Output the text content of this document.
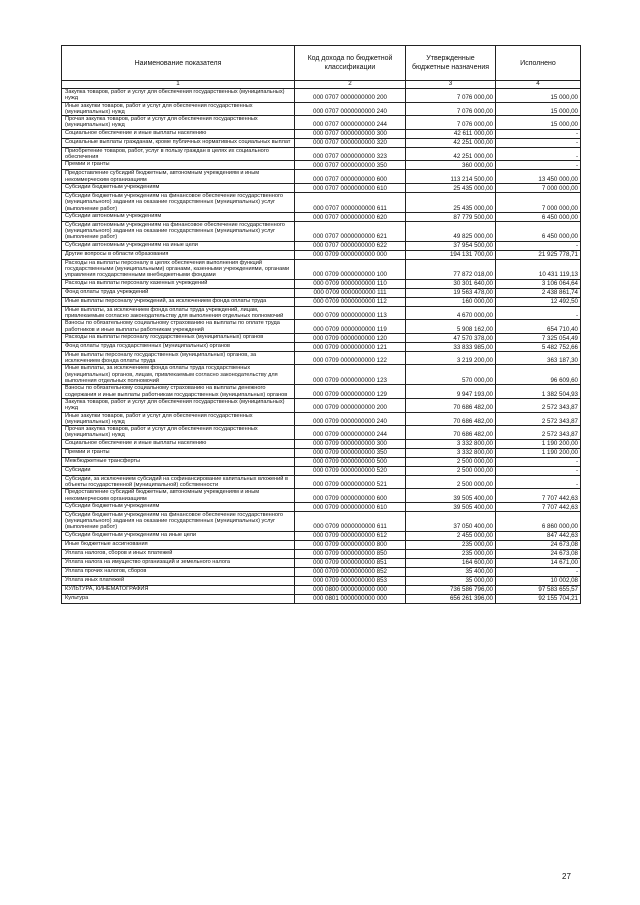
Наименование показателя	Код дохода по бюджетной классификации	Утвержденные бюджетные назначения	Исполнено
1	2	3	4
Закупка товаров, работ и услуг для обеспечения государственных (муниципальных) нужд	000 0707 0000000000 200	7 076 000,00	15 000,00
Иные закупки товаров, работ и услуг для обеспечения государственных (муниципальных) нужд	000 0707 0000000000 240	7 076 000,00	15 000,00
Прочая закупка товаров, работ и услуг для обеспечения государственных (муниципальных) нужд	000 0707 0000000000 244	7 076 000,00	15 000,00
Социальное обеспечение и иные выплаты населению	000 0707 0000000000 300	42 611 000,00	-
Социальные выплаты гражданам, кроме публичных нормативных социальных выплат	000 0707 0000000000 320	42 251 000,00	-
Приобретение товаров, работ, услуг в пользу граждан в целях их социального обеспечения	000 0707 0000000000 323	42 251 000,00	-
Премии и гранты	000 0707 0000000000 350	360 000,00	-
Предоставление субсидий бюджетным, автономным учреждениям и иным некоммерческим организациям	000 0707 0000000000 600	113 214 500,00	13 450 000,00
Субсидии бюджетным учреждениям	000 0707 0000000000 610	25 435 000,00	7 000 000,00
Субсидии бюджетным учреждениям на финансовое обеспечение государственного (муниципального) задания на оказание государственных (муниципальных) услуг (выполнение работ)	000 0707 0000000000 611	25 435 000,00	7 000 000,00
Субсидии автономным учреждениям	000 0707 0000000000 620	87 779 500,00	6 450 000,00
Субсидии автономным учреждениям на финансовое обеспечение государственного (муниципального) задания на оказание государственных (муниципальных) услуг (выполнение работ)	000 0707 0000000000 621	49 825 000,00	6 450 000,00
Субсидии автономным учреждениям на иные цели	000 0707 0000000000 622	37 954 500,00	-
Другие вопросы в области образования	000 0709 0000000000 000	194 131 700,00	21 925 778,71
Расходы на выплаты персоналу в целях обеспечения выполнения функций государственными (муниципальными) органами, казенными учреждениями, органами управления государственными внебюджетными фондами	000 0709 0000000000 100	77 872 018,00	10 431 119,13
Расходы на выплаты персоналу казенных учреждений	000 0709 0000000000 110	30 301 640,00	3 106 064,64
Фонд оплаты труда учреждений	000 0709 0000000000 111	19 563 478,00	2 438 861,74
Иные выплаты персоналу учреждений, за исключением фонда оплаты труда	000 0709 0000000000 112	160 000,00	12 492,50
Иные выплаты, за исключением фонда оплаты труда учреждений, лицам, привлекаемым согласно законодательству для выполнения отдельных полномочий	000 0709 0000000000 113	4 670 000,00	-
Взносы по обязательному социальному страхованию на выплаты по оплате труда работников и иные выплаты работникам учреждений	000 0709 0000000000 119	5 908 162,00	654 710,40
Расходы на выплаты персоналу государственных (муниципальных) органов	000 0709 0000000000 120	47 570 378,00	7 325 054,49
Фонд оплаты труда государственных (муниципальных) органов	000 0709 0000000000 121	33 833 985,00	5 482 752,66
Иные выплаты персоналу государственных (муниципальных) органов, за исключением фонда оплаты труда	000 0709 0000000000 122	3 219 200,00	363 187,30
Иные выплаты, за исключением фонда оплаты труда государственных (муниципальных) органов, лицам, привлекаемым согласно законодательству для выполнения отдельных полномочий	000 0709 0000000000 123	570 000,00	96 609,60
Взносы по обязательному социальному страхованию на выплаты денежного содержания и иные выплаты работникам государственных (муниципальных) органов	000 0709 0000000000 129	9 947 193,00	1 382 504,93
Закупка товаров, работ и услуг для обеспечения государственных (муниципальных) нужд	000 0709 0000000000 200	70 686 482,00	2 572 343,87
Иные закупки товаров, работ и услуг для обеспечения государственных (муниципальных) нужд	000 0709 0000000000 240	70 686 482,00	2 572 343,87
Прочая закупка товаров, работ и услуг для обеспечения государственных (муниципальных) нужд	000 0709 0000000000 244	70 686 482,00	2 572 343,87
Социальное обеспечение и иные выплаты населению	000 0709 0000000000 300	3 332 800,00	1 190 200,00
Премии и гранты	000 0709 0000000000 350	3 332 800,00	1 190 200,00
Межбюджетные трансферты	000 0709 0000000000 500	2 500 000,00	-
Субсидии	000 0709 0000000000 520	2 500 000,00	-
Субсидии, за исключением субсидий на софинансирование капитальных вложений в объекты государственной (муниципальной) собственности	000 0709 0000000000 521	2 500 000,00	-
Предоставление субсидий бюджетным, автономным учреждениям и иным некоммерческим организациям	000 0709 0000000000 600	39 505 400,00	7 707 442,63
Субсидии бюджетным учреждениям	000 0709 0000000000 610	39 505 400,00	7 707 442,63
Субсидии бюджетным учреждениям на финансовое обеспечение государственного (муниципального) задания на оказание государственных (муниципальных) услуг (выполнение работ)	000 0709 0000000000 611	37 050 400,00	6 860 000,00
Субсидии бюджетным учреждениям на иные цели	000 0709 0000000000 612	2 455 000,00	847 442,63
Иные бюджетные ассигнования	000 0709 0000000000 800	235 000,00	24 673,08
Уплата налогов, сборов и иных платежей	000 0709 0000000000 850	235 000,00	24 673,08
Уплата налога на имущество организаций и земельного налога	000 0709 0000000000 851	164 600,00	14 671,00
Уплата прочих налогов, сборов	000 0709 0000000000 852	35 400,00	-
Уплата иных платежей	000 0709 0000000000 853	35 000,00	10 002,08
КУЛЬТУРА, КИНЕМАТОГРАФИЯ	000 0800 0000000000 000	736 586 796,00	97 583 655,57
Культура	000 0801 0000000000 000	656 261 396,00	92 155 704,21
27
